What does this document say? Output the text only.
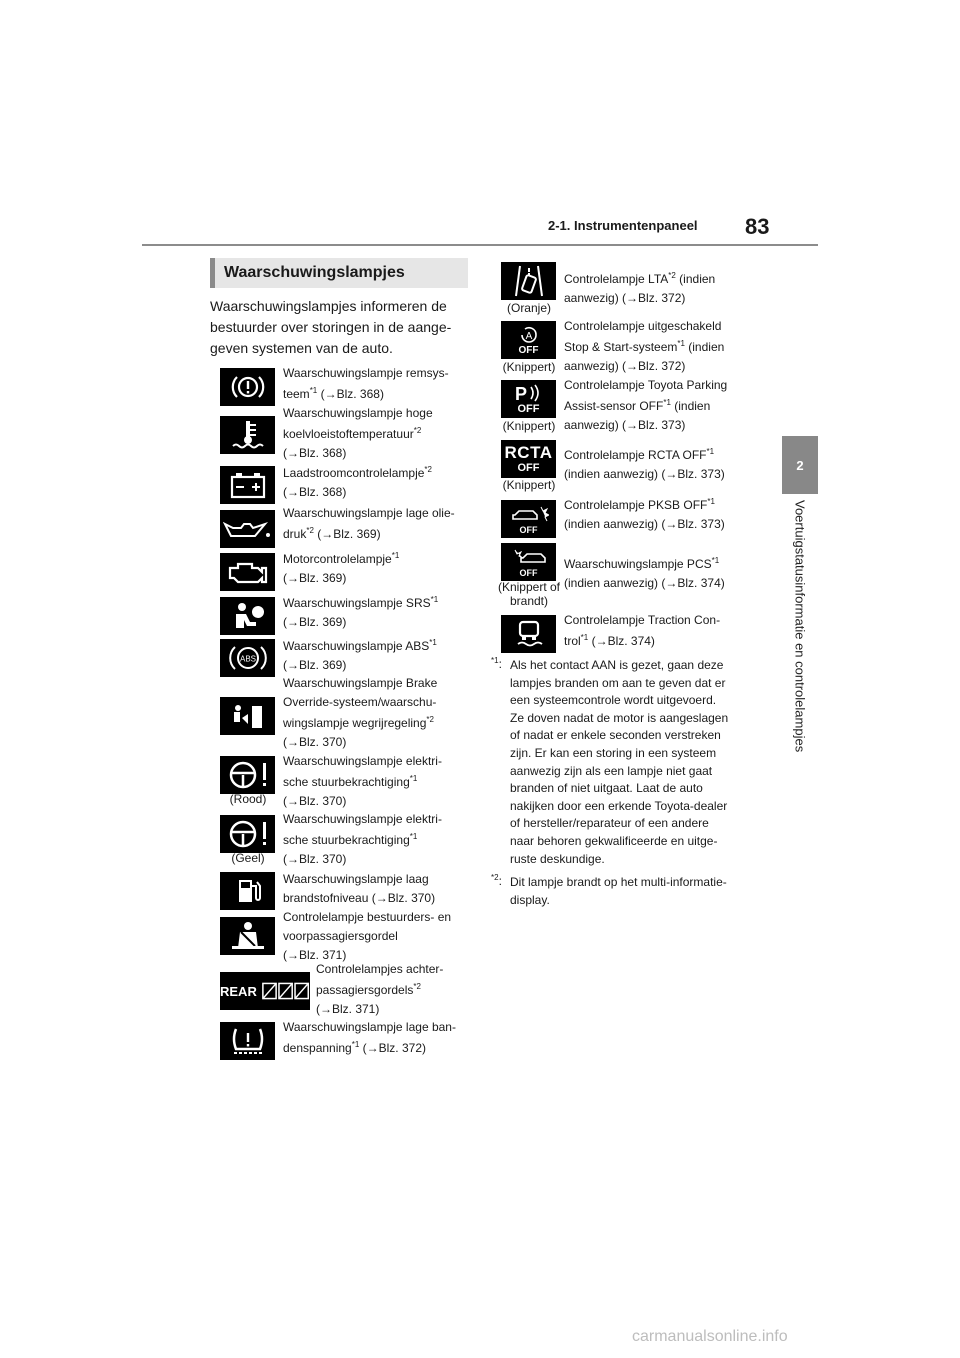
2-1. Instrumentenpaneel 83
2
Voertuigstatusinformatie en controlelampjes
Waarschuwingslampjes
Waarschuwingslampjes informeren de bestuurder over storingen in de aange-geven systemen van de auto.
ABS
REAR
(Rood)
(Geel)
Waarschuwingslampje remsys-
teem$^{*1}$ (→Blz. 368)
Waarschuwingslampje hoge
koelvloeistoftemperatuur$^{*2}$
(→Blz. 368)
Laadstroomcontrolelampje$^{*2}$
(→Blz. 368)
Waarschuwingslampje lage olie-
druk$^{*2}$ (→Blz. 369)
Motorcontrolelampje$^{*1}$
(→Blz. 369)
Waarschuwingslampje SRS$^{*1}$
(→Blz. 369)
Waarschuwingslampje ABS$^{*1}$
(→Blz. 369)
Waarschuwingslampje Brake
Override-systeem/waarschu-
wingslampje wegrijregeling$^{*2}$
(→Blz. 370)
Waarschuwingslampje elektri-
sche stuurbekrachtiging$^{*1}$
(→Blz. 370)
Waarschuwingslampje elektri-
sche stuurbekrachtiging$^{*1}$
(→Blz. 370)
Waarschuwingslampje laag
brandstofniveau (→Blz. 370)
Controlelampje bestuurders- en
voorpassagiersgordel
(→Blz. 371)
Controlelampjes achter-
passagiersgordels$^{*2}$
(→Blz. 371)
Waarschuwingslampje lage ban-
denspanning$^{*1}$ (→Blz. 372)
A
OFF
P
OFF
RCTA
OFF
OFF
OFF
(Oranje)
(Knippert)
(Knippert)
(Knippert)
(Knippert of brandt)
Controlelampje LTA$^{*2}$ (indien
aanwezig) (→Blz. 372)
Controlelampje uitgeschakeld
Stop & Start-systeem$^{*1}$ (indien
aanwezig) (→Blz. 372)
Controlelampje Toyota Parking
Assist-sensor OFF$^{*1}$ (indien
aanwezig) (→Blz. 373)
Controlelampje RCTA OFF$^{*1}$
(indien aanwezig) (→Blz. 373)
Controlelampje PKSB OFF$^{*1}$
(indien aanwezig) (→Blz. 373)
Waarschuwingslampje PCS$^{*1}$
(indien aanwezig) (→Blz. 374)
Controlelampje Traction Con-
trol$^{*1}$ (→Blz. 374)
$^{*1}$: Als het contact AAN is gezet, gaan deze
lampjes branden om aan te geven dat er
een systeemcontrole wordt uitgevoerd.
Ze doven nadat de motor is aangeslagen
of nadat er enkele seconden verstreken
zijn. Er kan een storing in een systeem
aanwezig zijn als een lampje niet gaat
branden of niet uitgaat. Laat de auto
nakijken door een erkende Toyota-dealer
of hersteller/reparateur of een andere
naar behoren gekwalificeerde en uitge-
ruste deskundige.
$^{*2}$: Dit lampje brandt op het multi-informatie-
display.
carmanualsonline.info
